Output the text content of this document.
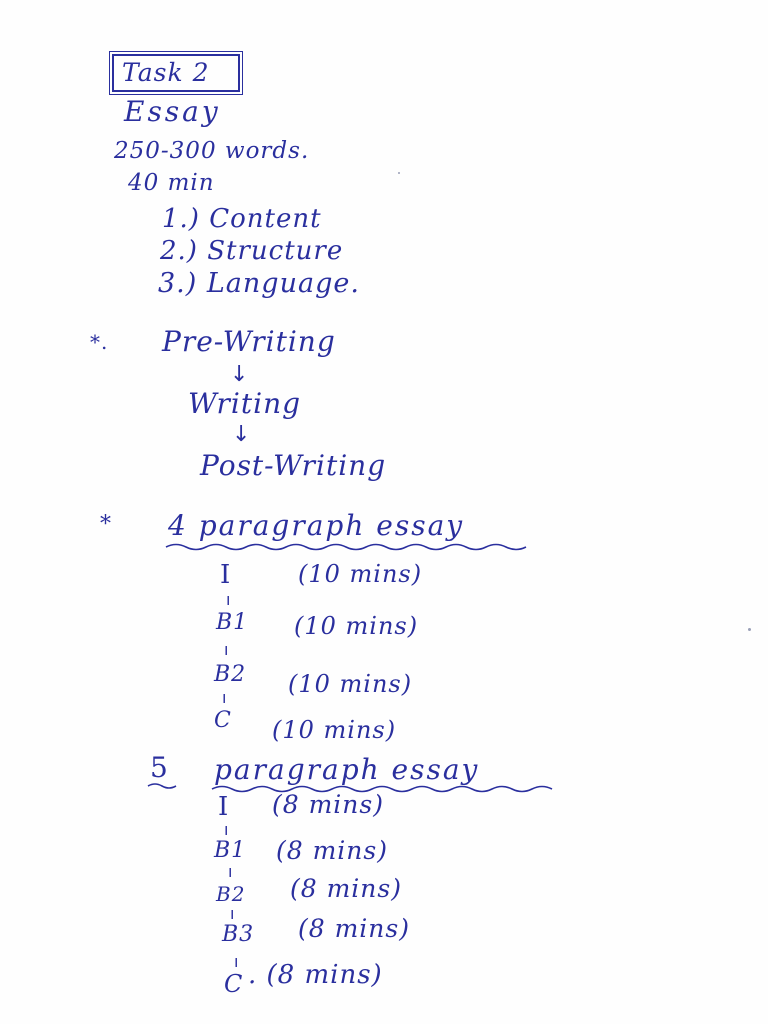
Task 2
Essay
250-300 words.
40 min
1.) Content
2.) Structure
3.) Language.
*. Pre-Writing
↓
Writing
↓
Post-Writing
* 4 paragraph essay
I	(10 mins)
ı
B1 (10 mins)
ı
B2 (10 mins)
ı
C (10 mins)
5 paragraph essay
I (8 mins)
ı
B1 (8 mins)
ı
B2 (8 mins)
ı
B3 (8 mins)
ı
C . (8 mins)
